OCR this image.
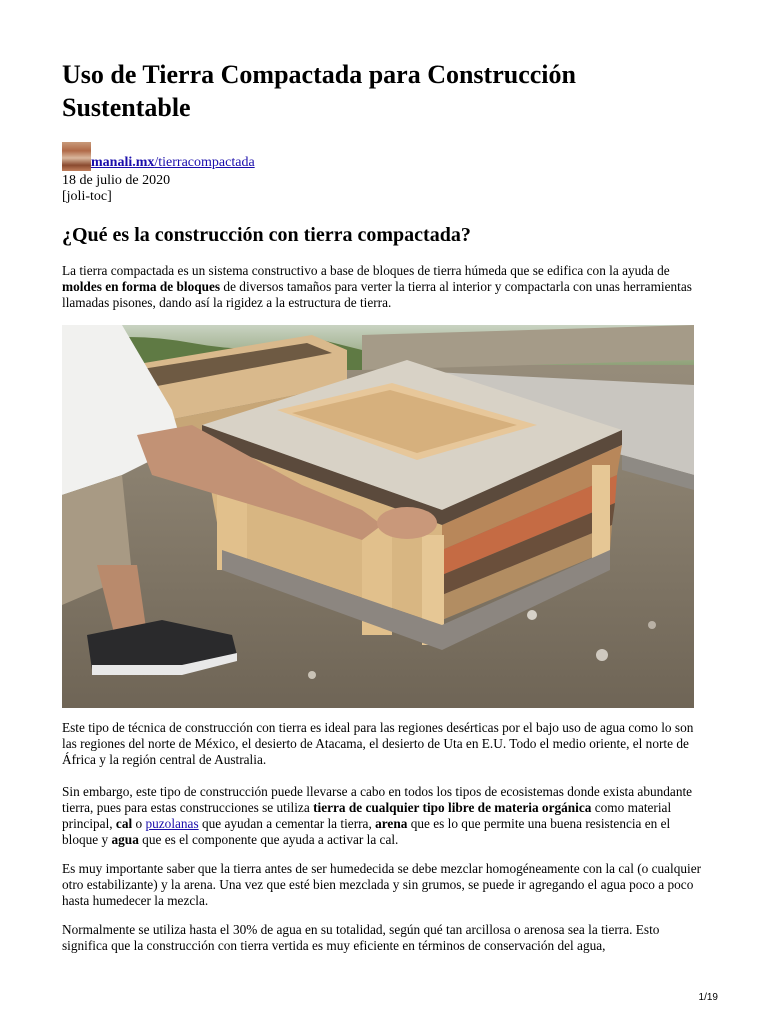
Uso de Tierra Compactada para Construcción Sustentable
manali.mx/tierracompactada
18 de julio de 2020
[joli-toc]
¿Qué es la construcción con tierra compactada?

La tierra compactada es un sistema constructivo a base de bloques de tierra húmeda que se edifica con la ayuda de moldes en forma de bloques de diversos tamaños para verter la tierra al interior y compactarla con unas herramientas llamadas pisones, dando así la rigidez a la estructura de tierra.

Este tipo de técnica de construcción con tierra es ideal para las regiones desérticas por el bajo uso de agua como lo son las regiones del norte de México, el desierto de Atacama, el desierto de Uta en E.U. Todo el medio oriente, el norte de África y la región central de Australia.

Sin embargo, este tipo de construcción puede llevarse a cabo en todos los tipos de ecosistemas donde exista abundante tierra, pues para estas construcciones se utiliza tierra de cualquier tipo libre de materia orgánica como material principal, cal o puzolanas que ayudan a cementar la tierra, arena que es lo que permite una buena resistencia en el bloque y agua que es el componente que ayuda a activar la cal.

Es muy importante saber que la tierra antes de ser humedecida se debe mezclar homogéneamente con la cal (o cualquier otro estabilizante) y la arena. Una vez que esté bien mezclada y sin grumos, se puede ir agregando el agua poco a poco hasta humedecer la mezcla.

Normalmente se utiliza hasta el 30% de agua en su totalidad, según qué tan arcillosa o arenosa sea la tierra. Esto significa que la construcción con tierra vertida es muy eficiente en términos de conservación del agua,

1/19
